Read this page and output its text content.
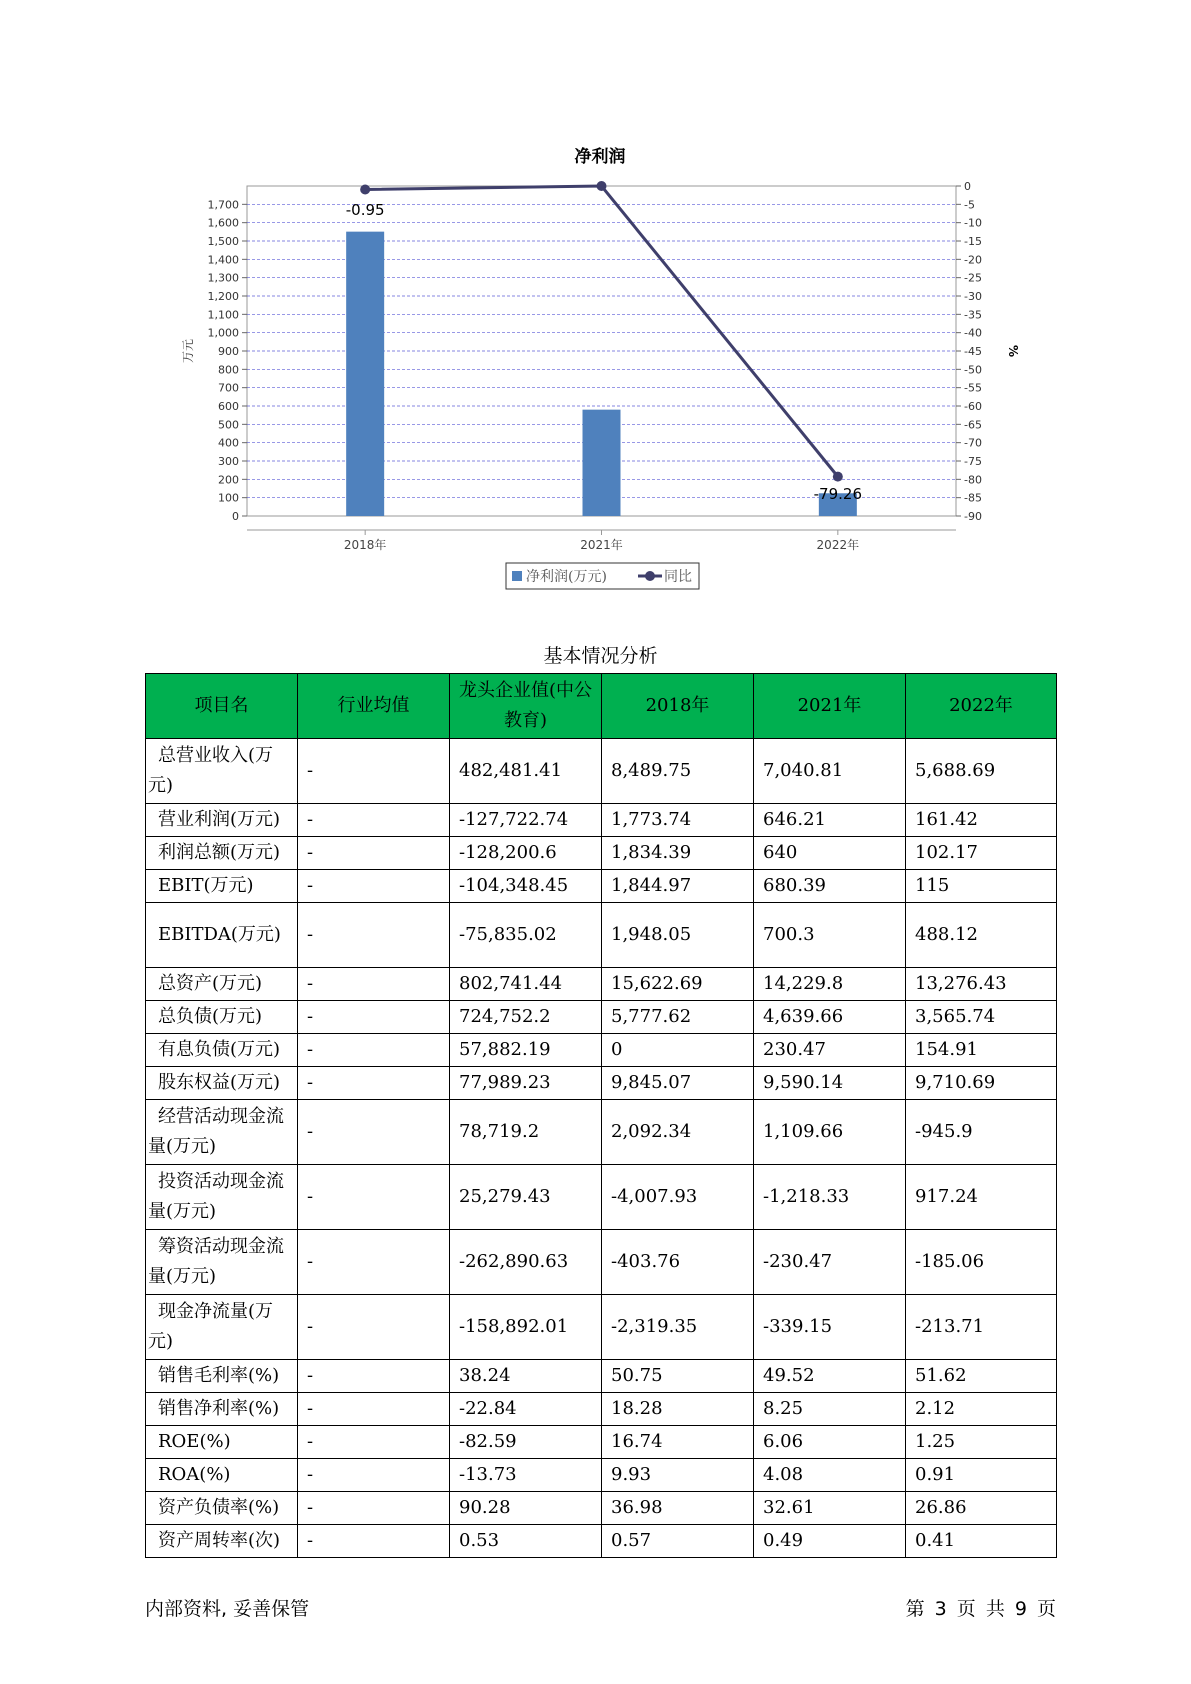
净利润
0
100
200
300
400
500
600
700
800
900
1,000
1,100
1,200
1,300
1,400
1,500
1,600
1,700
0
-5
-10
-15
-20
-25
-30
-35
-40
-45
-50
-55
-60
-65
-70
-75
-80
-85
-90
万元	%
2018年	2021年	2022年
-0.95
-79.26
净利润(万元)	同比
基本情况分析
项目名	行业均值	龙头企业值(中公教育)	2018年	2021年	2022年
总营业收入(万元)	-	482,481.41	8,489.75	7,040.81	5,688.69
营业利润(万元)	-	-127,722.74	1,773.74	646.21	161.42
利润总额(万元)	-	-128,200.6	1,834.39	640	102.17
EBIT(万元)	-	-104,348.45	1,844.97	680.39	115
EBITDA(万元)	-	-75,835.02	1,948.05	700.3	488.12
总资产(万元)	-	802,741.44	15,622.69	14,229.8	13,276.43
总负债(万元)	-	724,752.2	5,777.62	4,639.66	3,565.74
有息负债(万元)	-	57,882.19	0	230.47	154.91
股东权益(万元)	-	77,989.23	9,845.07	9,590.14	9,710.69
经营活动现金流量(万元)	-	78,719.2	2,092.34	1,109.66	-945.9
投资活动现金流量(万元)	-	25,279.43	-4,007.93	-1,218.33	917.24
筹资活动现金流量(万元)	-	-262,890.63	-403.76	-230.47	-185.06
现金净流量(万元)	-	-158,892.01	-2,319.35	-339.15	-213.71
销售毛利率(%)	-	38.24	50.75	49.52	51.62
销售净利率(%)	-	-22.84	18.28	8.25	2.12
ROE(%)	-	-82.59	16.74	6.06	1.25
ROA(%)	-	-13.73	9.93	4.08	0.91
资产负债率(%)	-	90.28	36.98	32.61	26.86
资产周转率(次)	-	0.53	0.57	0.49	0.41
内部资料, 妥善保管	第 3 页 共 9 页
